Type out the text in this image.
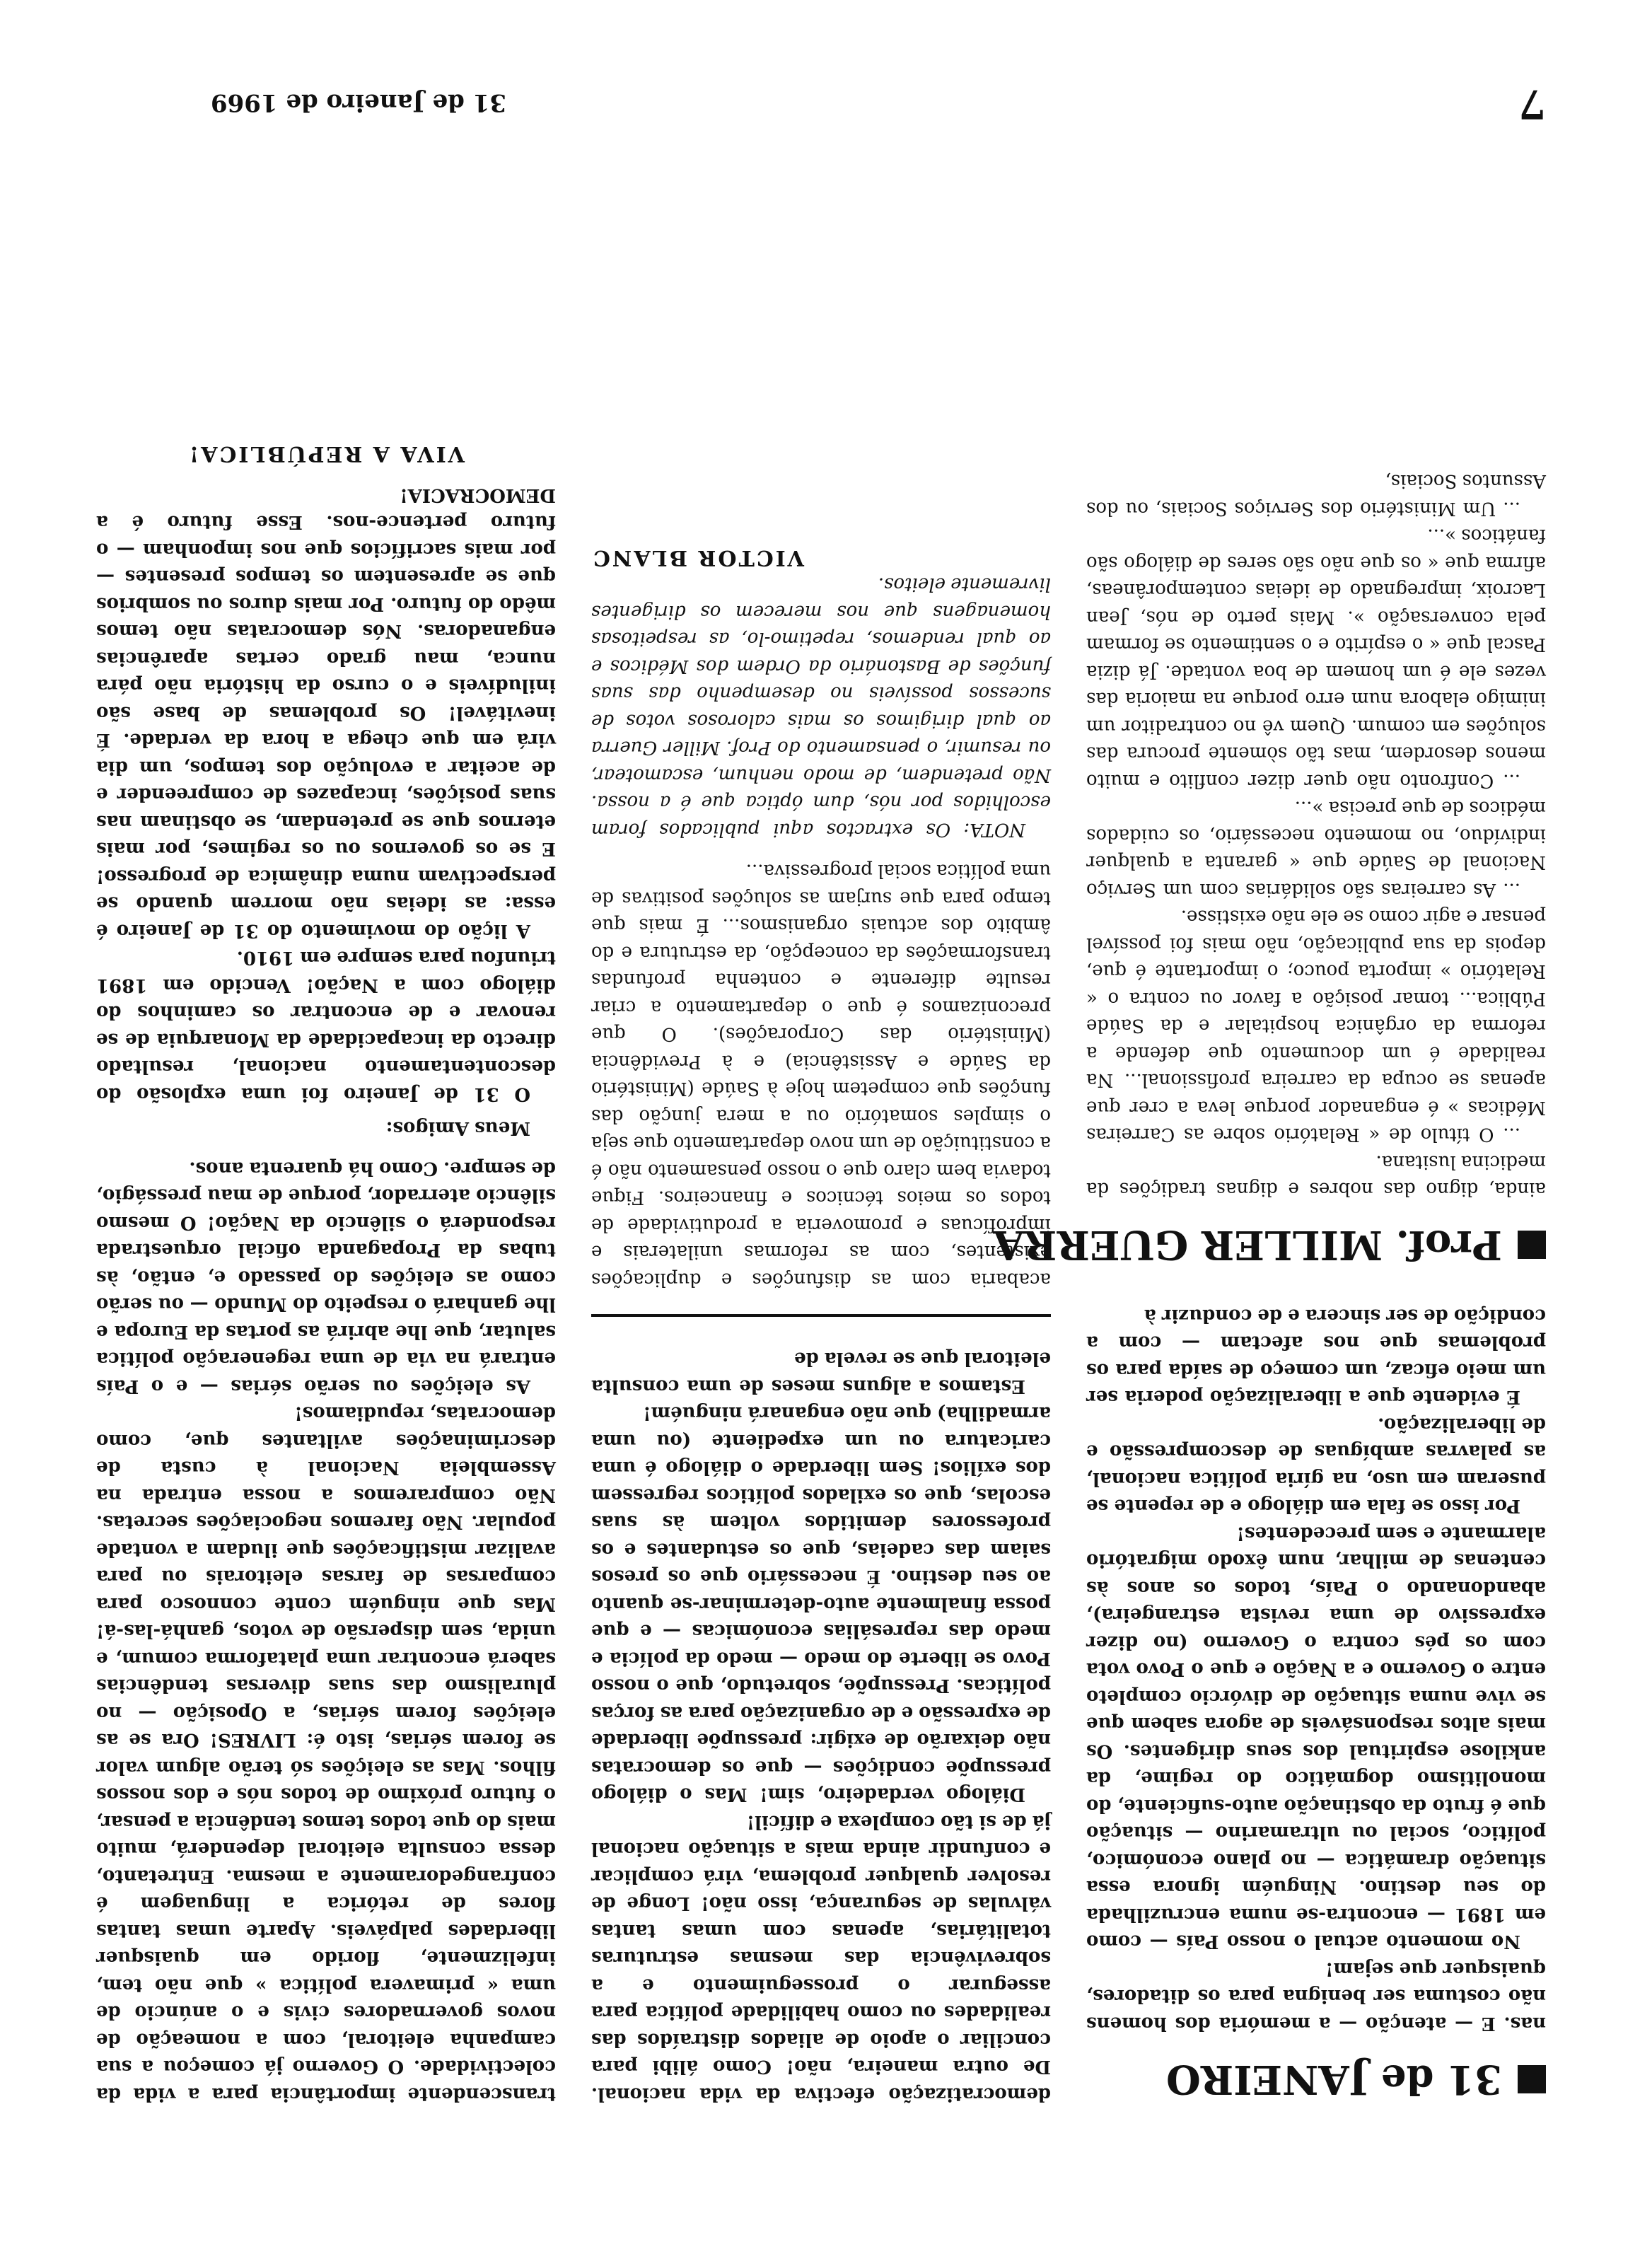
31 de JANEIRO

nas. E — atenção — a memória dos homens não costuma ser benigna para os ditadores, quaisquer que sejam!

No momento actual o nosso País — como em 1891 — encontra-se numa encruzilhada do seu destino. Ninguém ignora essa situação dramática — no plano económico, político, social ou ultramarino — situação que é fruto da obstinação auto-suficiente, do monolitismo dogmático do regime, da ankilose espiritual dos seus dirigentes. Os mais altos responsáveis de agora sabem que se vive numa situação de divórcio completo entre o Governo e a Nação e que o Povo vota com os pés contra o Governo (no dizer expressivo de uma revista estrangeira), abandonando o País, todos os anos às centenas de milhar, num êxodo migratório alarmante e sem precedentes!

Por isso se fala em diálogo e de repente se puseram em uso, na gíria política nacional, as palavras ambíguas de descompressão e de liberalização.

É evidente que a liberalização poderia ser um meio eficaz, um começo de saída para os problemas que nos afectam — com a condição de ser sincera e de conduzir à

Prof. MILLER GUERRA

ainda, digno das nobres e dignas tradições da medicina lusitana.

... O título de « Relatório sobre as Carreiras Médicas » é enganador porque leva a crer que apenas se ocupa da carreira profissional... Na realidade é um documento que defende a reforma da orgânica hospitalar e da Saúde Pública... tomar posição a favor ou contra o « Relatório » importa pouco; o importante é que, depois da sua publicação, não mais foi possível pensar e agir como se ele não existisse.

... As carreiras são solidárias com um Serviço Nacional de Saúde que « garanta a qualquer indivíduo, no momento necessário, os cuidados médicos de que precisa »...

... Confronto não quer dizer conflito e muito menos desordem, mas tão sòmente procura das soluções em comum. Quem vê no contraditor um inimigo elabora num erro porque na maioria das vezes ele é um homem de boa vontade. Já dizia Pascal que « o espírito e o sentimento se formam pela conversação ». Mais perto de nós, Jean Lacroix, impregnado de ideias contemporâneas, afirma que « os que não são seres de diálogo são fanáticos »...

... Um Ministério dos Serviços Sociais, ou dos Assuntos Sociais,

democratização efectiva da vida nacional. De outra maneira, não! Como álibi para conciliar o apoio de aliados distraídos das realidades ou como habilidade política para assegurar o prosseguimento e a sobrevivência das mesmas estruturas totalitárias, apenas com umas tantas válvulas de segurança, isso não! Longe de resolver qualquer problema, virá complicar e confundir ainda mais a situação nacional já de si tão complexa e difícil!

Diálogo verdadeiro, sim! Mas o diálogo pressupõe condições — que os democratas não deixarão de exigir: pressupõe liberdade de expressão e de organização para as forças políticas. Pressupõe, sobretudo, que o nosso Povo se liberte do medo — medo da polícia e medo das represálias económicas — e que possa finalmente auto-determinar-se quanto ao seu destino. É necessário que os presos saiam das cadeias, que os estudantes e os professores demitidos voltem às suas escolas, que os exilados políticos regressem dos exílios! Sem liberdade o diálogo é uma caricatura ou um expediente (ou uma armadilha) que não enganará ninguém!

Estamos a alguns meses de uma consulta eleitoral que se revela de

acabaria com as disfunções e duplicações existentes, com as reformas unilaterais e improfícuas e promoveria a produtividade de todos os meios técnicos e financeiros. Fique todavia bem claro que o nosso pensamento não é a constituição de um novo departamento que seja o simples somatório ou a mera junção das funções que competem hoje à Saúde (Ministério da Saúde e Assistência) e à Previdência (Ministério das Corporações). O que preconizamos é que o departamento a criar resulte diferente e contenha profundas transformações da concepção, da estrutura e do âmbito dos actuais organismos... É mais que tempo para que surjam as soluções positivas de uma política social progressiva...

NOTA: Os extractos aqui publicados foram escolhidos por nós, dum óptica que é a nossa. Não pretendem, de modo nenhum, escamotear, ou resumir, o pensamento do Prof. Miller Guerra ao qual dirigimos os mais calorosos votos de sucessos possíveis no desempenho das suas funções de Bastonário da Ordem dos Médicos e ao qual rendemos, repetimo-lo, as respeitosas homenagens que nos merecem os dirigentes livremente eleitos.

VICTOR BLANC

transcendente importância para a vida da colectividade. O Governo já começou a sua campanha eleitoral, com a nomeação de novos governadores civis e o anúncio de uma « primavera política » que não tem, infelizmente, florido em quaisquer liberdades palpáveis. Aparte umas tantas flores de retórica a linguagem é confrangedoramente a mesma. Entretanto, dessa consulta eleitoral dependerá, muito mais do que todos temos tendência a pensar, o futuro próximo de todos nós e dos nossos filhos. Mas as eleições só terão algum valor se forem sérias, isto é: LIVRES! Ora se as eleições forem sérias, a Oposição — no pluralismo das suas diversas tendências saberá encontrar uma plataforma comum, e unida, sem dispersão de votos, ganhá-las-á! Mas que ninguém conte connosco para comparsas de farsas eleitorais ou para avalizar mistificações que iludam a vontade popular. Não faremos negociações secretas. Não compraremos a nossa entrada na Assembleia Nacional à custa de descriminações aviltantes que, como democratas, repudiamos!

As eleições ou serão sérias — e o País entrará na via de uma regeneração política salutar, que lhe abrirá as portas da Europa e lhe ganhará o respeito do Mundo — ou serão como as eleições do passado e, então, às tubas da Propaganda oficial orquestrada responderá o silêncio da Nação! O mesmo silêncio aterrador, porque de mau presságio, de sempre. Como há quarenta anos.

Meus Amigos:

O 31 de Janeiro foi uma explosão do descontentamento nacional, resultado directo da incapacidade da Monarquia de se renovar e de encontrar os caminhos do diálogo com a Nação! Vencido em 1891 triunfou para sempre em 1910.

A lição do movimento do 31 de Janeiro é essa: as ideias não morrem quando se perspectivam numa dinâmica de progresso! E se os governos ou os regimes, por mais eternos que se pretendam, se obstinam nas suas posições, incapazes de compreender e de aceitar a evolução dos tempos, um dia virá em que chega a hora da verdade. É inevitável! Os problemas de base são iniludíveis e o curso da história não pára nunca, mau grado certas aparências enganadoras. Nós democratas não temos mêdo do futuro. Por mais duros ou sombrios que se apresentem os tempos presentes — por mais sacrifícios que nos imponham — o futuro pertence-nos. Esse futuro é a DEMOCRACIA!

VIVA A REPÚBLICA!

31 de Janeiro de 1969	7
